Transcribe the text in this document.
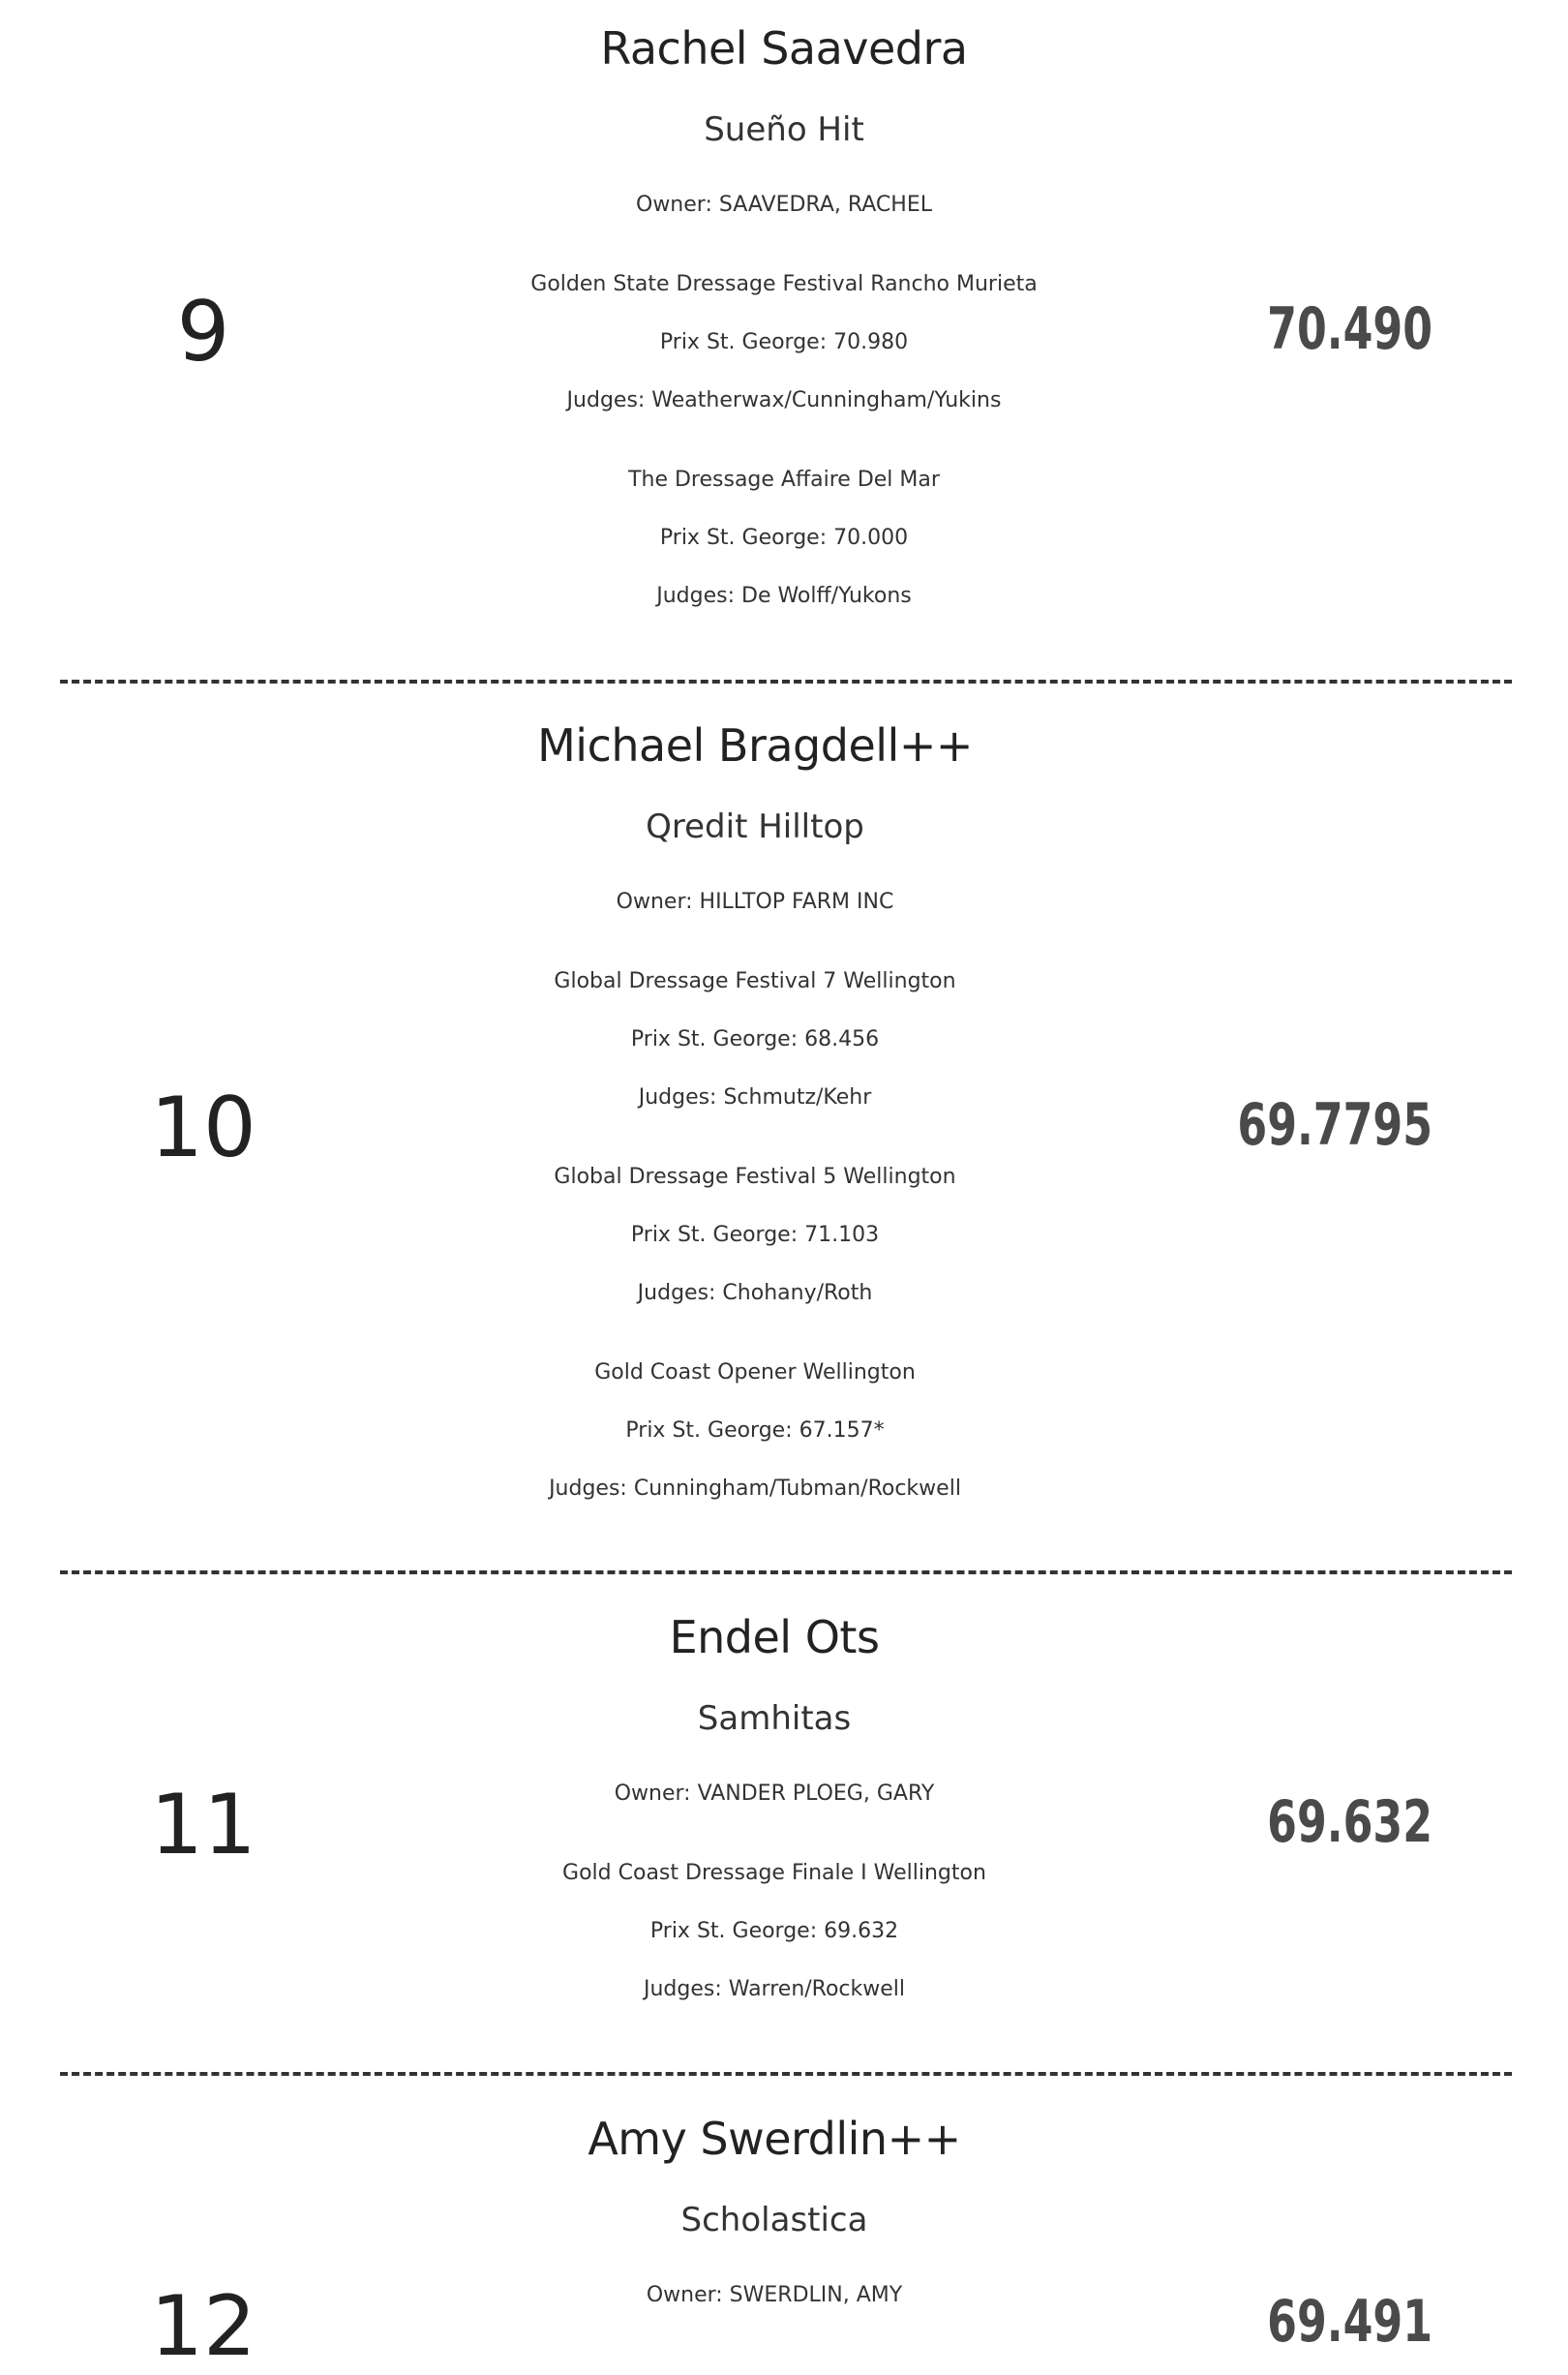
9
Rachel Saavedra
Sueño Hit
Owner: SAAVEDRA, RACHEL
Golden State Dressage Festival Rancho Murieta
Prix St. George: 70.980
Judges: Weatherwax/Cunningham/Yukins
The Dressage Affaire Del Mar
Prix St. George: 70.000
Judges: De Wolff/Yukons
70.490
10
Michael Bragdell++
Qredit Hilltop
Owner: HILLTOP FARM INC
Global Dressage Festival 7 Wellington
Prix St. George: 68.456
Judges: Schmutz/Kehr
Global Dressage Festival 5 Wellington
Prix St. George: 71.103
Judges: Chohany/Roth
Gold Coast Opener Wellington
Prix St. George: 67.157*
Judges: Cunningham/Tubman/Rockwell
69.7795
11
Endel Ots
Samhitas
Owner: VANDER PLOEG, GARY
Gold Coast Dressage Finale I Wellington
Prix St. George: 69.632
Judges: Warren/Rockwell
69.632
12
Amy Swerdlin++
Scholastica
Owner: SWERDLIN, AMY	69.491
